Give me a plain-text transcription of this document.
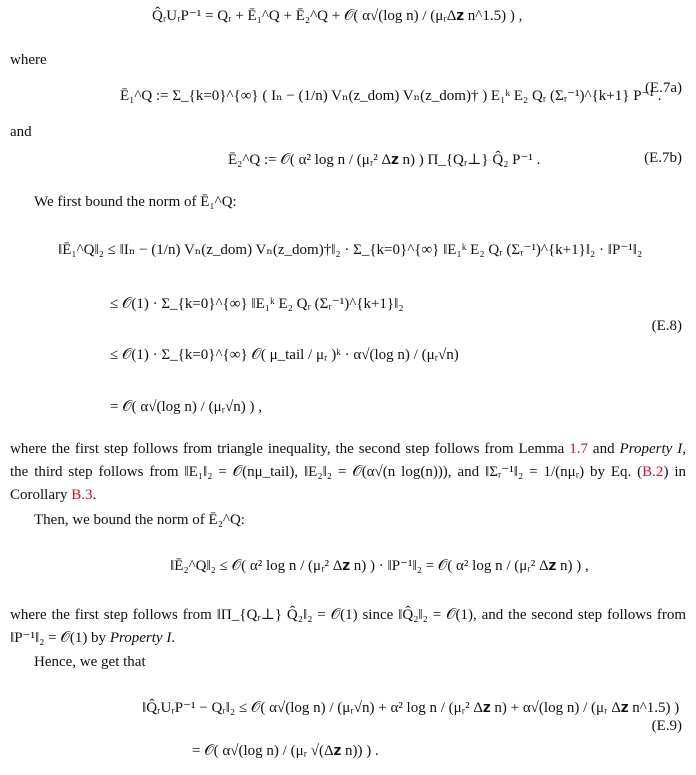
Q̂ᵣUᵣP⁻¹ = Qᵣ + Ē₁^Q + Ē₂^Q + 𝒪( α√(log n) / (μᵣΔ𝐳 n^1.5) ) ,
where
Ē₁^Q := Σ_{k=0}^{∞} ( Iₙ − (1/n) Vₙ(z_dom) Vₙ(z_dom)† ) E₁ᵏ E₂ Qᵣ (Σᵣ⁻¹)^{k+1} P⁻¹ .
(E.7a)
and
Ē₂^Q := 𝒪( α² log n / (μᵣ² Δ𝐳 n) ) Π_{Qᵣ⊥} Q̂₂ P⁻¹ .	(E.7b)
We first bound the norm of Ē₁^Q:
‖Ē₁^Q‖₂ ≤ ‖Iₙ − (1/n) Vₙ(z_dom) Vₙ(z_dom)†‖₂ · Σ_{k=0}^{∞} ‖E₁ᵏ E₂ Qᵣ (Σᵣ⁻¹)^{k+1}‖₂ · ‖P⁻¹‖₂
≤ 𝒪(1) · Σ_{k=0}^{∞} ‖E₁ᵏ E₂ Qᵣ (Σᵣ⁻¹)^{k+1}‖₂
≤ 𝒪(1) · Σ_{k=0}^{∞} 𝒪( μ_tail / μᵣ )ᵏ · α√(log n) / (μᵣ√n)
= 𝒪( α√(log n) / (μᵣ√n) ) ,
(E.8)
where the first step follows from triangle inequality, the second step follows from Lemma 1.7 and Property I, the third step follows from ‖E₁‖₂ = 𝒪(nμ_tail), ‖E₂‖₂ = 𝒪(α√(n log(n))), and ‖Σᵣ⁻¹‖₂ = 1/(nμᵣ) by Eq. (B.2) in Corollary B.3.
Then, we bound the norm of Ē₂^Q:
‖Ē₂^Q‖₂ ≤ 𝒪( α² log n / (μᵣ² Δ𝐳 n) ) · ‖P⁻¹‖₂ = 𝒪( α² log n / (μᵣ² Δ𝐳 n) ) ,
where the first step follows from ‖Π_{Qᵣ⊥} Q̂₂‖₂ = 𝒪(1) since ‖Q̂₂‖₂ = 𝒪(1), and the second step follows from ‖P⁻¹‖₂ = 𝒪(1) by Property I.
Hence, we get that
‖Q̂ᵣUᵣP⁻¹ − Qᵣ‖₂ ≤ 𝒪( α√(log n) / (μᵣ√n) + α² log n / (μᵣ² Δ𝐳 n) + α√(log n) / (μᵣ Δ𝐳 n^1.5) )
= 𝒪( α√(log n) / (μᵣ √(Δ𝐳 n)) ) .
(E.9)
